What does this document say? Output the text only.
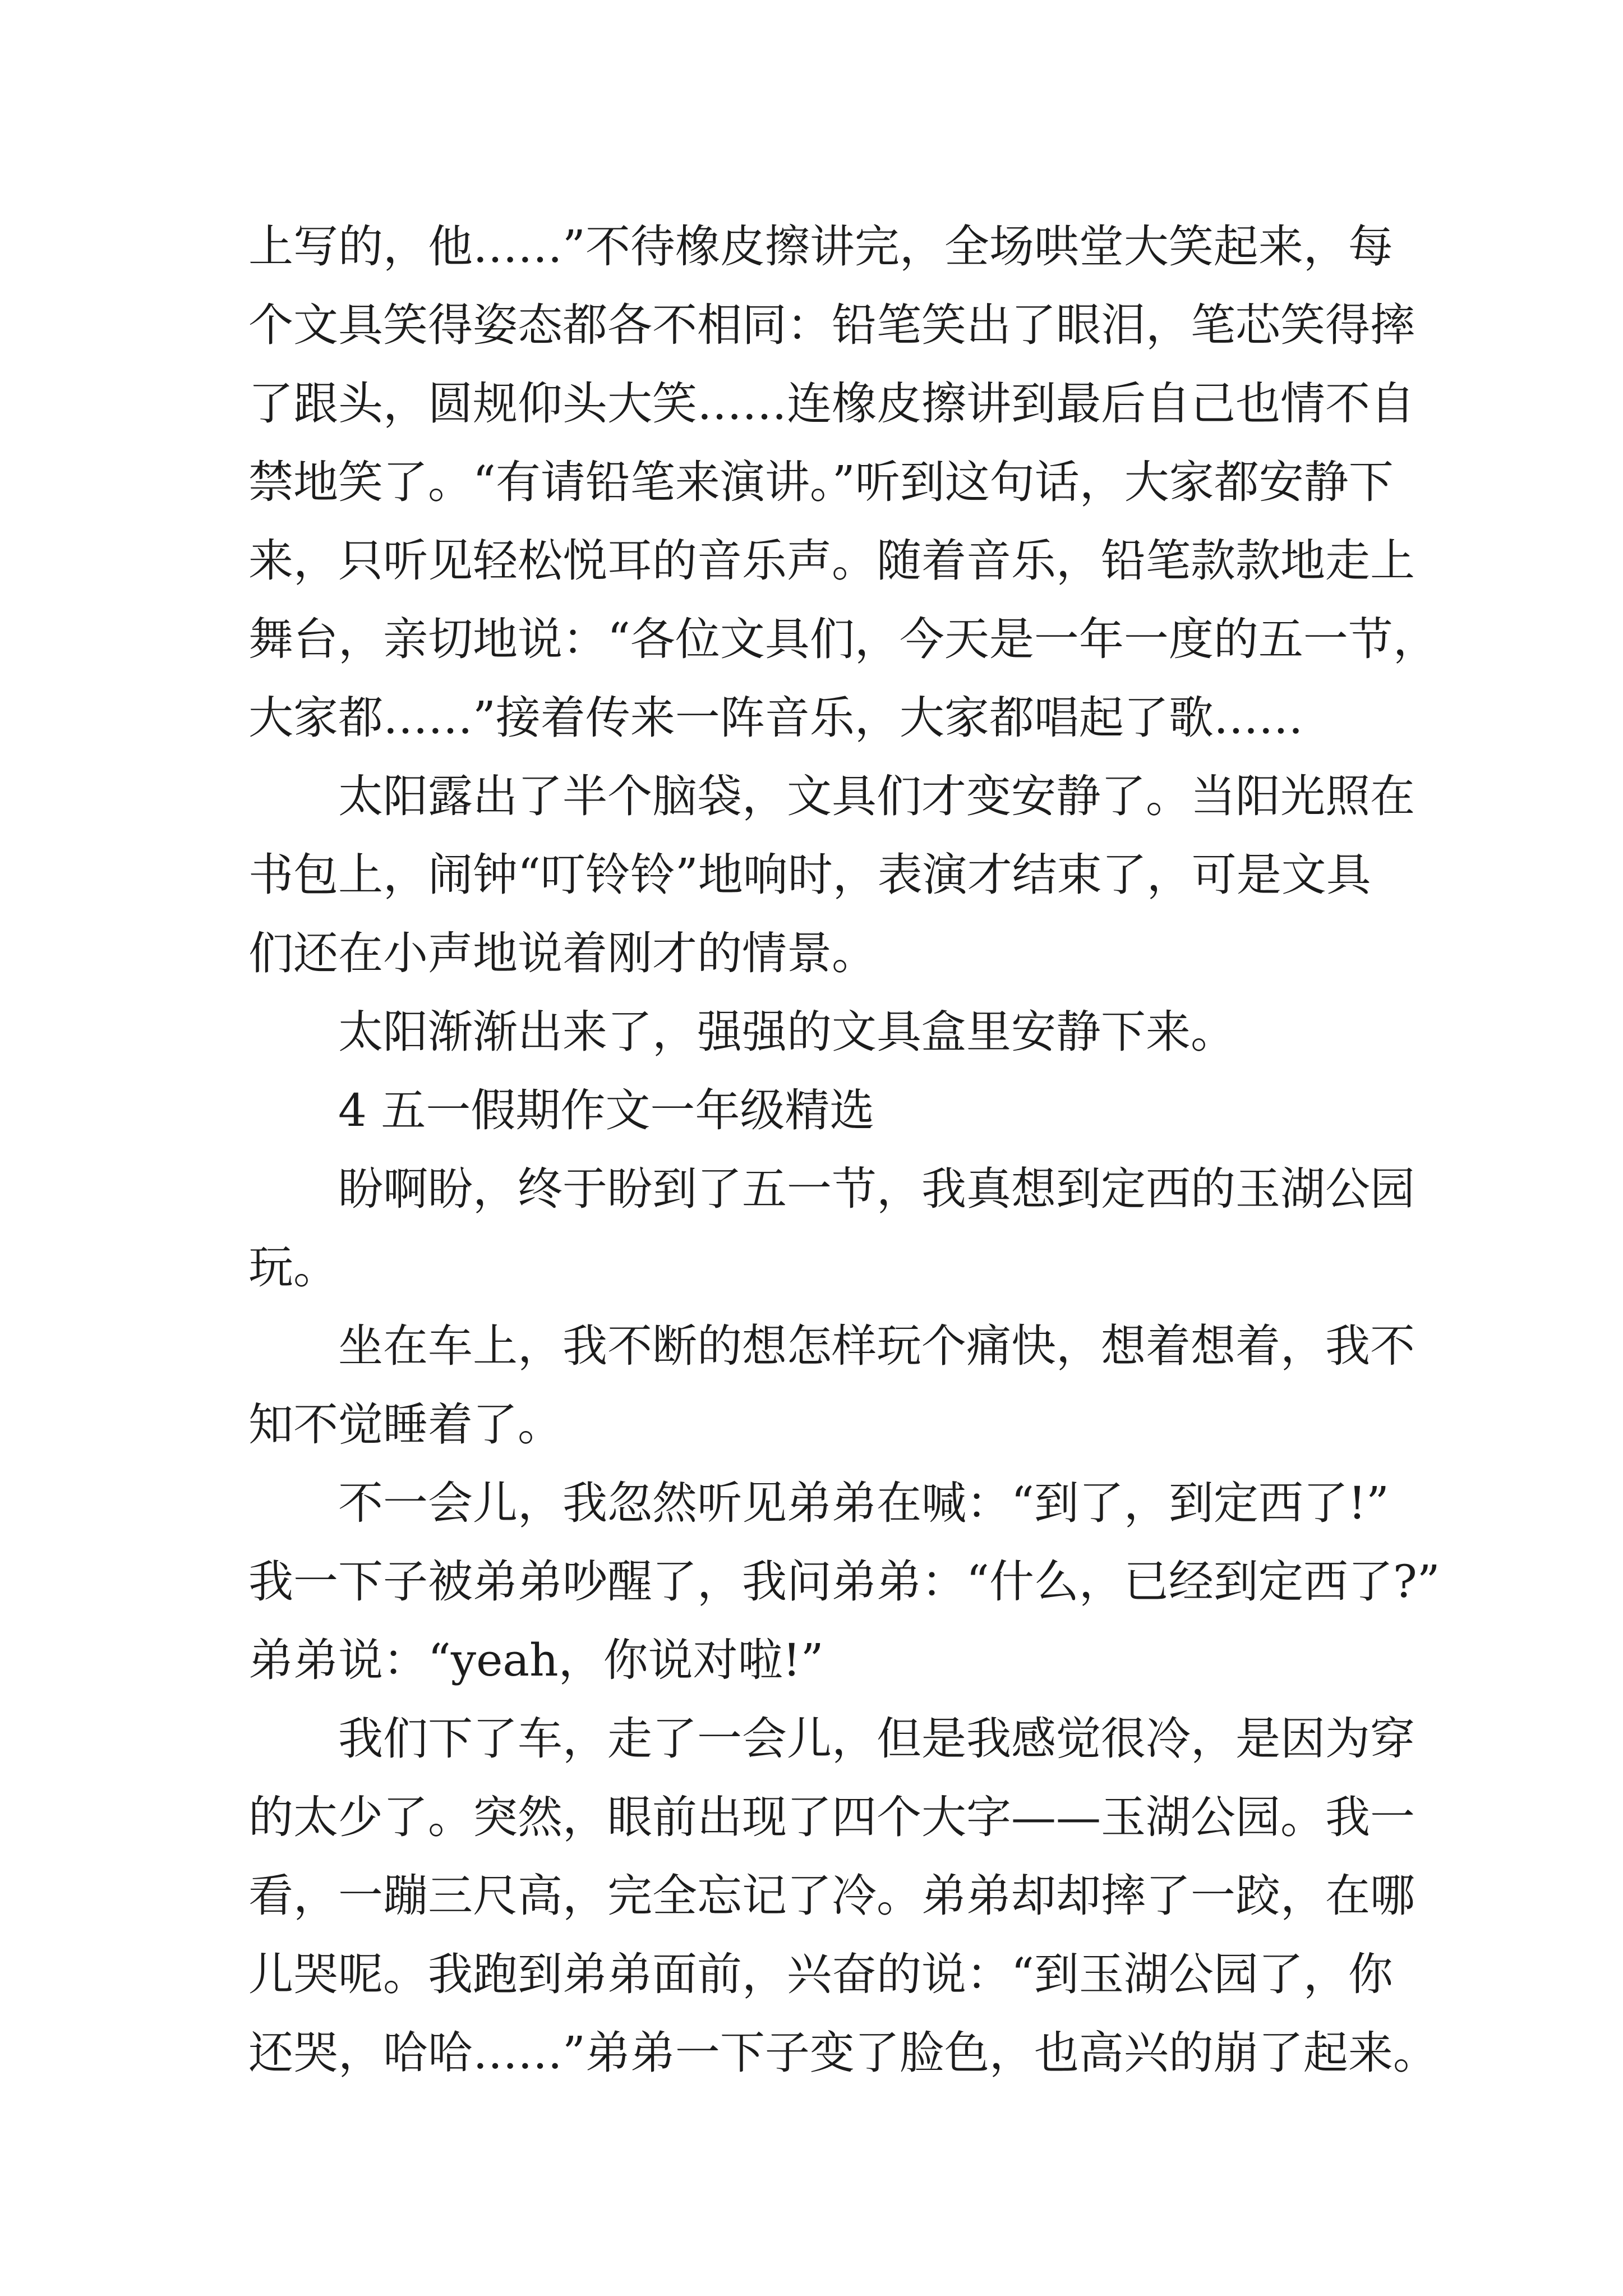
上写的，他……”不待橡皮擦讲完，全场哄堂大笑起来，每
个文具笑得姿态都各不相同：铅笔笑出了眼泪，笔芯笑得摔
了跟头，圆规仰头大笑……连橡皮擦讲到最后自己也情不自
禁地笑了。“有请铅笔来演讲。”听到这句话，大家都安静下
来，只听见轻松悦耳的音乐声。随着音乐，铅笔款款地走上
舞台，亲切地说：“各位文具们，今天是一年一度的五一节，
大家都……”接着传来一阵音乐，大家都唱起了歌……
太阳露出了半个脑袋，文具们才变安静了。当阳光照在
书包上，闹钟“叮铃铃”地响时，表演才结束了，可是文具
们还在小声地说着刚才的情景。
太阳渐渐出来了，强强的文具盒里安静下来。
4 五一假期作文一年级精选
盼啊盼，终于盼到了五一节，我真想到定西的玉湖公园
玩。
坐在车上，我不断的想怎样玩个痛快，想着想着，我不
知不觉睡着了。
不一会儿，我忽然听见弟弟在喊：“到了，到定西了!”
我一下子被弟弟吵醒了，我问弟弟：“什么，已经到定西了?”
弟弟说：“yeah，你说对啦!”
我们下了车，走了一会儿，但是我感觉很冷，是因为穿
的太少了。突然，眼前出现了四个大字——玉湖公园。我一
看，一蹦三尺高，完全忘记了冷。弟弟却却摔了一跤，在哪
儿哭呢。我跑到弟弟面前，兴奋的说：“到玉湖公园了，你
还哭，哈哈……”弟弟一下子变了脸色，也高兴的崩了起来。
